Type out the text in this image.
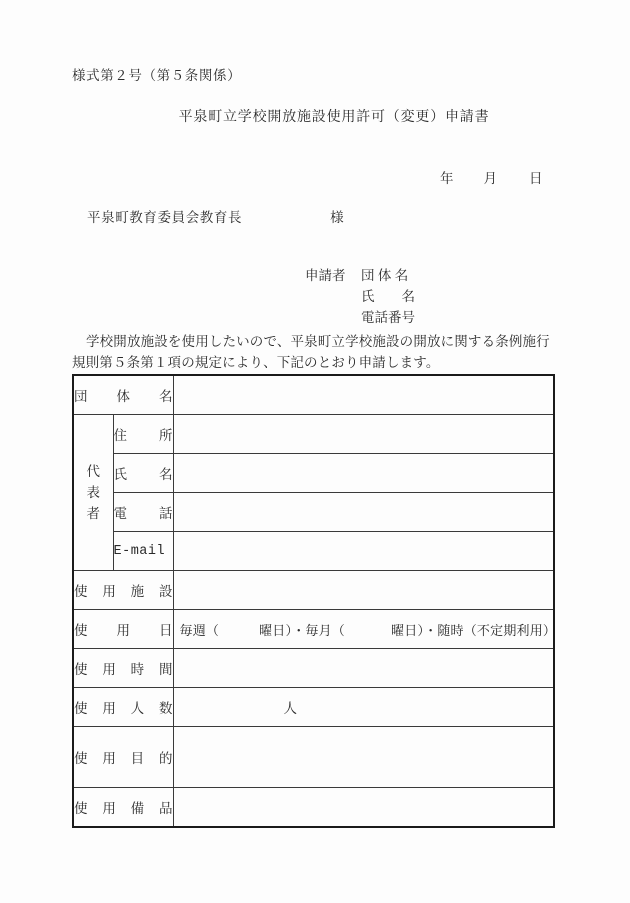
様式第２号（第５条関係）
平泉町立学校開放施設使用許可（変更）申請書
年 月 日
平泉町教育委員会教育長	様
申請者 団 体 名
氏　　名
電話番号
学校開放施設を使用したいので、平泉町立学校施設の開放に関する条例施行規則第５条第１項の規定により、下記のとおり申請します。
団 体 名		

代
表
者	住　所	
	氏　名	
	電　話	
	E-mail	
使 用 施 設		
使　用　日		毎週（ 曜日）・毎月（ 曜日）・随時（不定期利用）
使 用 時 間		
使 用 人 数		人
使 用 目 的		
使 用 備 品		
